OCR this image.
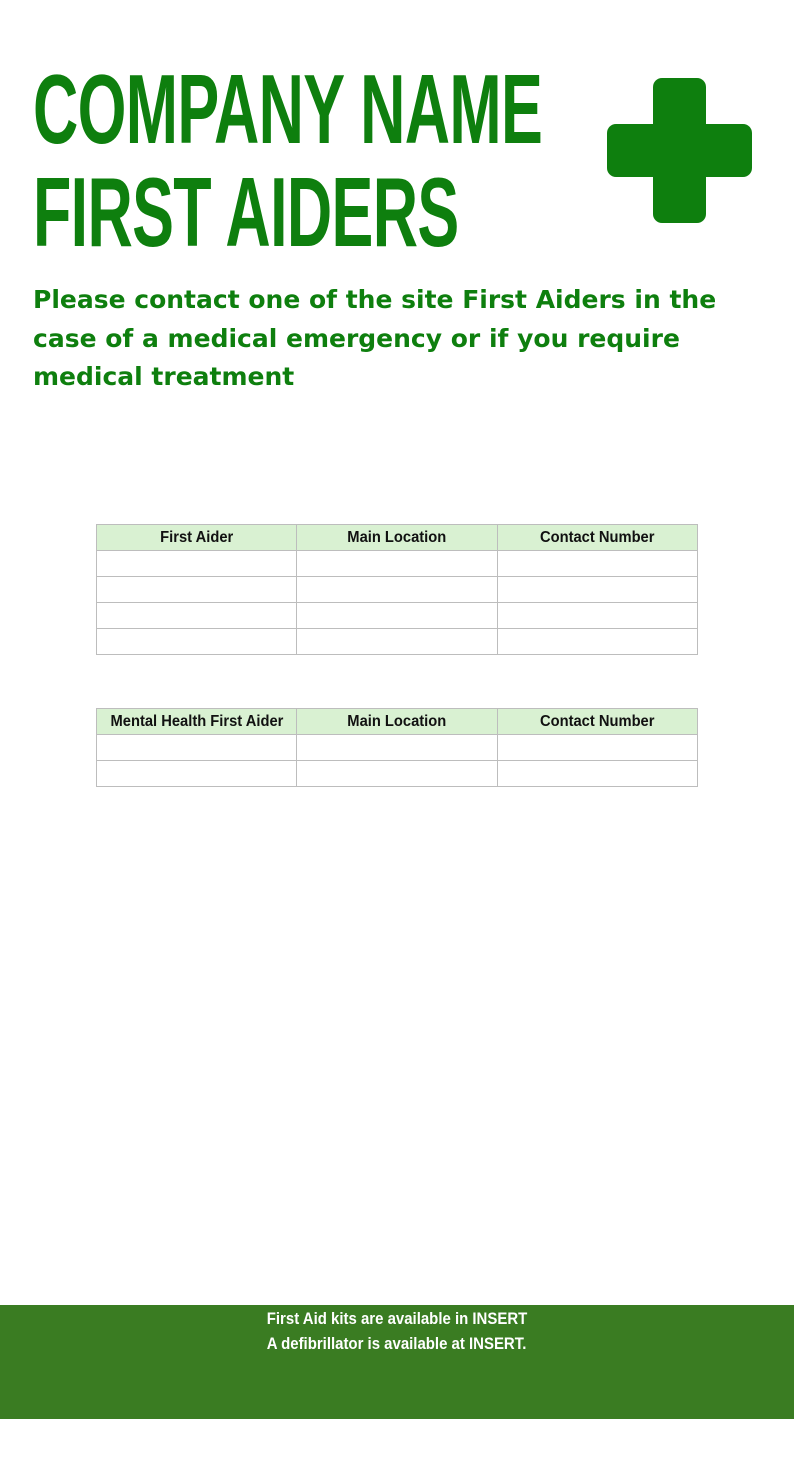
COMPANY NAME
FIRST AIDERS

Please contact one of the site First Aiders in the case of a medical emergency or if you require medical treatment

First Aider	Main Location	Contact Number

Mental Health First Aider	Main Location	Contact Number

First Aid kits are available in INSERT

A defibrillator is available at INSERT.
